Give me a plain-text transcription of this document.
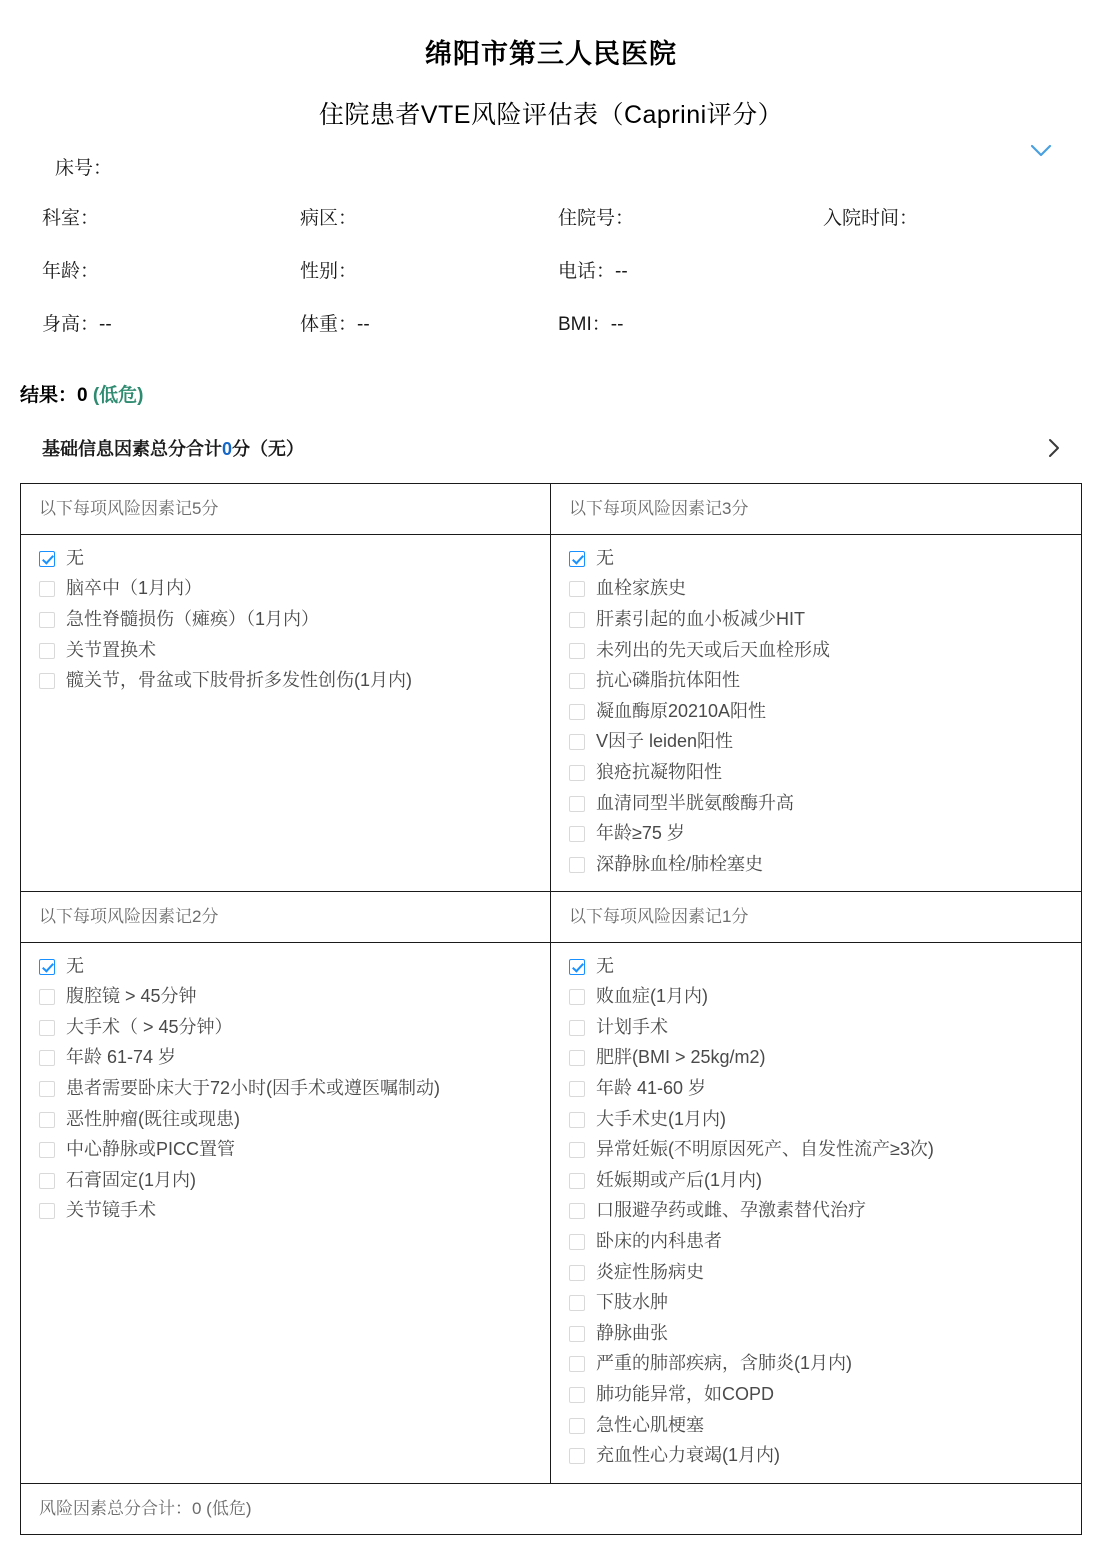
绵阳市第三人民医院
住院患者VTE风险评估表（Caprini评分）
床号：
科室：	病区：	住院号：	入院时间：
年龄：	性别：	电话：--
身高：--	体重：--	BMI：--
结果：0 (低危)
基础信息因素总分合计0分（无）
以下每项风险因素记5分
无
脑卒中（1月内）
急性脊髓损伤（瘫痪）（1月内）
关节置换术
髋关节，骨盆或下肢骨折多发性创伤(1月内)
以下每项风险因素记3分
无
血栓家族史
肝素引起的血小板减少HIT
未列出的先天或后天血栓形成
抗心磷脂抗体阳性
凝血酶原20210A阳性
V因子 leiden阳性
狼疮抗凝物阳性
血清同型半胱氨酸酶升高
年龄≥75 岁
深静脉血栓/肺栓塞史
以下每项风险因素记2分
无
腹腔镜 > 45分钟
大手术（ > 45分钟）
年龄 61-74 岁
患者需要卧床大于72小时(因手术或遵医嘱制动)
恶性肿瘤(既往或现患)
中心静脉或PICC置管
石膏固定(1月内)
关节镜手术
以下每项风险因素记1分
无
败血症(1月内)
计划手术
肥胖(BMI > 25kg/m2)
年龄 41-60 岁
大手术史(1月内)
异常妊娠(不明原因死产、自发性流产≥3次)
妊娠期或产后(1月内)
口服避孕药或雌、孕激素替代治疗
卧床的内科患者
炎症性肠病史
下肢水肿
静脉曲张
严重的肺部疾病，含肺炎(1月内)
肺功能异常，如COPD
急性心肌梗塞
充血性心力衰竭(1月内)
风险因素总分合计：0 (低危)
